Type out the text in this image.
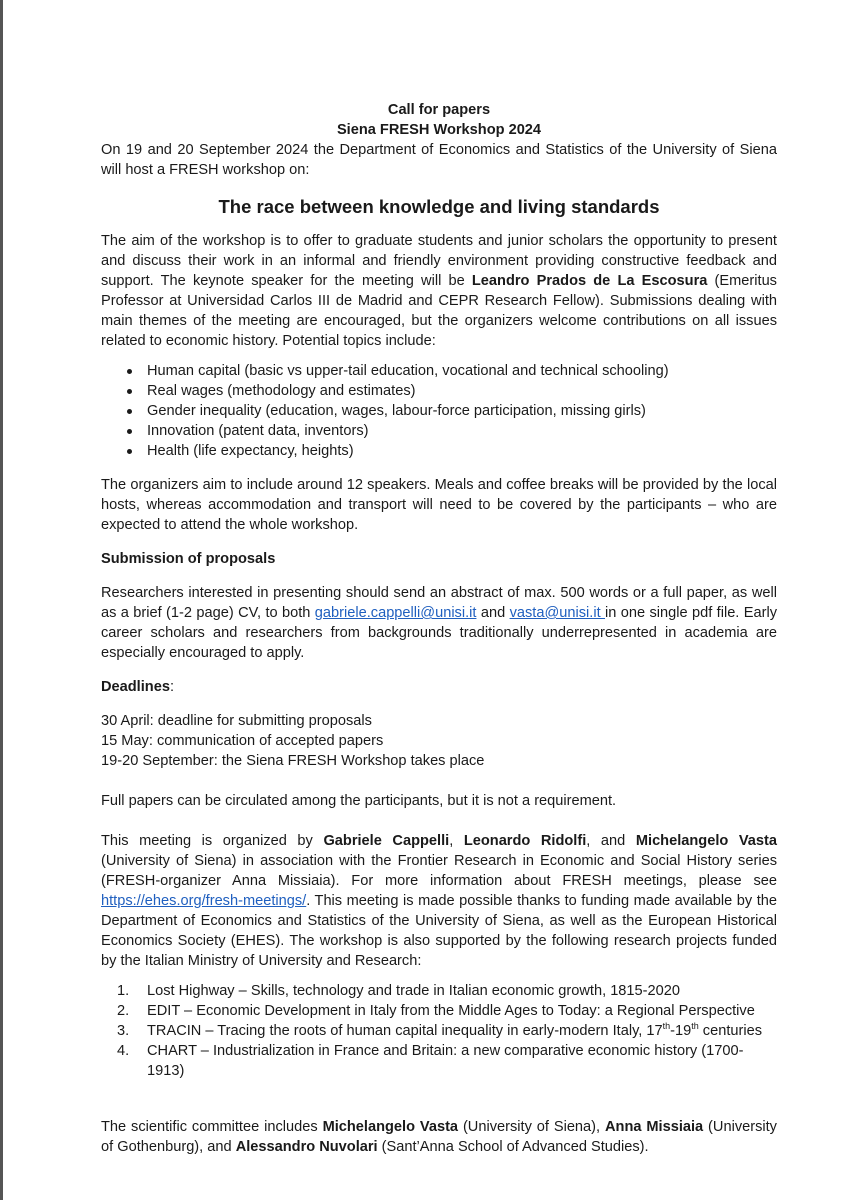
Call for papers

Siena FRESH Workshop 2024

On 19 and 20 September 2024 the Department of Economics and Statistics of the University of Siena will host a FRESH workshop on:

The race between knowledge and living standards

The aim of the workshop is to offer to graduate students and junior scholars the opportunity to present and discuss their work in an informal and friendly environment providing constructive feedback and support. The keynote speaker for the meeting will be Leandro Prados de La Escosura (Emeritus Professor at Universidad Carlos III de Madrid and CEPR Research Fellow). Submissions dealing with main themes of the meeting are encouraged, but the organizers welcome contributions on all issues related to economic history. Potential topics include:

Human capital (basic vs upper-tail education, vocational and technical schooling)
Real wages (methodology and estimates)
Gender inequality (education, wages, labour-force participation, missing girls)
Innovation (patent data, inventors)
Health (life expectancy, heights)

The organizers aim to include around 12 speakers. Meals and coffee breaks will be provided by the local hosts, whereas accommodation and transport will need to be covered by the participants – who are expected to attend the whole workshop.

Submission of proposals

Researchers interested in presenting should send an abstract of max. 500 words or a full paper, as well as a brief (1-2 page) CV, to both gabriele.cappelli@unisi.it and vasta@unisi.it in one single pdf file. Early career scholars and researchers from backgrounds traditionally underrepresented in academia are especially encouraged to apply.

Deadlines:

30 April: deadline for submitting proposals

15 May: communication of accepted papers

19-20 September: the Siena FRESH Workshop takes place

Full papers can be circulated among the participants, but it is not a requirement.

This meeting is organized by Gabriele Cappelli, Leonardo Ridolfi, and Michelangelo Vasta (University of Siena) in association with the Frontier Research in Economic and Social History series (FRESH-organizer Anna Missiaia). For more information about FRESH meetings, please see https://ehes.org/fresh-meetings/. This meeting is made possible thanks to funding made available by the Department of Economics and Statistics of the University of Siena, as well as the European Historical Economics Society (EHES). The workshop is also supported by the following research projects funded by the Italian Ministry of University and Research:

1. Lost Highway – Skills, technology and trade in Italian economic growth, 1815-2020
2. EDIT – Economic Development in Italy from the Middle Ages to Today: a Regional Perspective
3. TRACIN – Tracing the roots of human capital inequality in early-modern Italy, 17th-19th centuries
4. CHART – Industrialization in France and Britain: a new comparative economic history (1700-1913)

The scientific committee includes Michelangelo Vasta (University of Siena), Anna Missiaia (University of Gothenburg), and Alessandro Nuvolari (Sant’Anna School of Advanced Studies).
